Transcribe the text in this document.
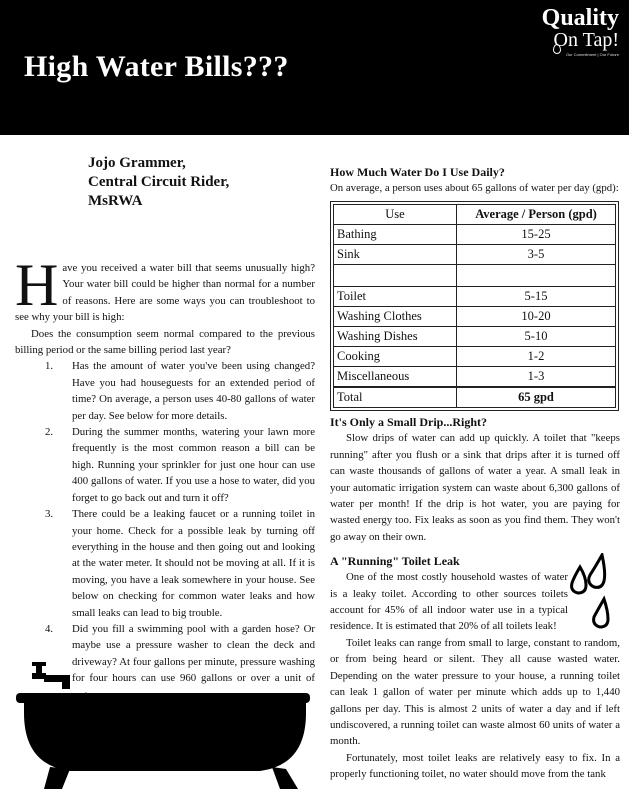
High Water Bills???
Quality
On Tap!
Our Commitment | Our Future
Jojo Grammer,
Central Circuit Rider,
MsRWA

Have you received a water bill that seems unusually high? Your water bill could be higher than normal for a number of reasons. Here are some ways you can troubleshoot to see why your bill is high:

Does the consumption seem normal compared to the previous billing period or the same billing period last year?

1. Has the amount of water you've been using changed? Have you had houseguests for an extended period of time? On average, a person uses 40-80 gallons of water per day. See below for more details.
2. During the summer months, watering your lawn more frequently is the most common reason a bill can be high. Running your sprinkler for just one hour can use 400 gallons of water. If you use a hose to water, did you forget to go back out and turn it off?
3. There could be a leaking faucet or a running toilet in your home. Check for a possible leak by turning off everything in the house and then going out and looking at the water meter. It should not be moving at all. If it is moving, you have a leak somewhere in your house. See below on checking for common water leaks and how small leaks can lead to big trouble.
4. Did you fill a swimming pool with a garden hose? Or maybe use a pressure washer to clean the deck and driveway? At four gallons per minute, pressure washing for four hours can use 960 gallons or over a unit of
How Much Water Do I Use Daily?

On average, a person uses about 65 gallons of water per day (gpd):

Use	Average / Person (gpd)
Bathing	15-25
Sink	3-5

Toilet	5-15
Washing Clothes	10-20
Washing Dishes	5-10
Cooking	1-2
Miscellaneous	1-3
Total	65 gpd
It's Only a Small Drip...Right?

Slow drips of water can add up quickly. A toilet that "keeps running" after you flush or a sink that drips after it is turned off can waste thousands of gallons of water a year. A small leak in your automatic irrigation system can waste about 6,300 gallons of water per month! If the drip is hot water, you are paying for wasted energy too. Fix leaks as soon as you find them. They won't go away on their own.

A "Running" Toilet Leak

One of the most costly household wastes of water is a leaky toilet. According to other sources toilets account for 45% of all indoor water use in a typical residence. It is estimated that 20% of all toilets leak!

Toilet leaks can range from small to large, constant to random, or from being heard or silent. They all cause wasted water. Depending on the water pressure to your house, a running toilet can leak 1 gallon of water per minute which adds up to 1,440 gallons per day. This is almost 2 units of water a day and if left undiscovered, a running toilet can waste almost 60 units of water a month.

Fortunately, most toilet leaks are relatively easy to fix. In a properly functioning toilet, no water should move from the tank
